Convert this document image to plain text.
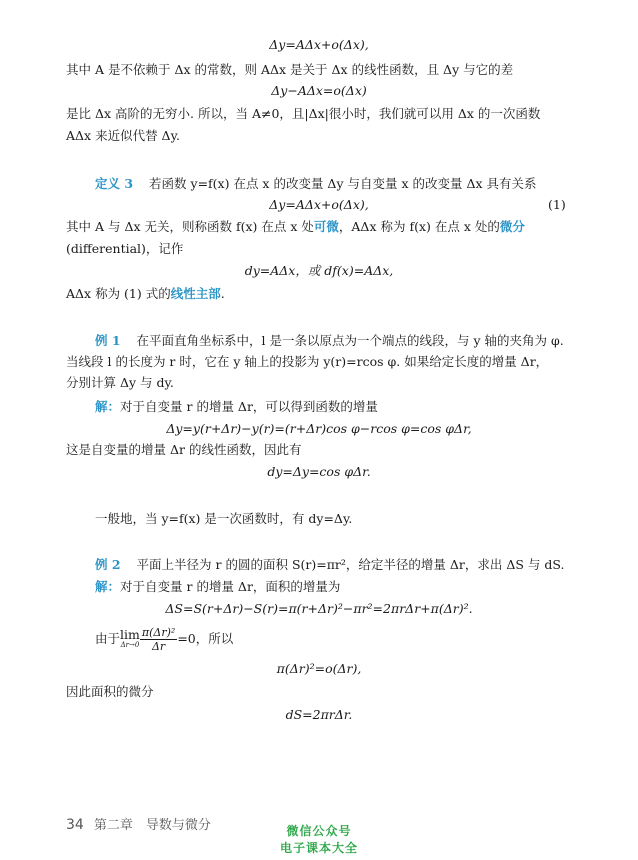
Δy=AΔx+o(Δx),
其中 A 是不依赖于 Δx 的常数，则 AΔx 是关于 Δx 的线性函数，且 Δy 与它的差
Δy−AΔx=o(Δx)
是比 Δx 高阶的无穷小. 所以，当 A≠0，且|Δx|很小时，我们就可以用 Δx 的一次函数
AΔx 来近似代替 Δy.
定义 3 若函数 y=f(x) 在点 x 的改变量 Δy 与自变量 x 的改变量 Δx 具有关系
Δy=AΔx+o(Δx),	(1)
其中 A 与 Δx 无关，则称函数 f(x) 在点 x 处可微，AΔx 称为 f(x) 在点 x 处的微分
(differential)，记作
dy=AΔx，或 df(x)=AΔx,
AΔx 称为 (1) 式的线性主部.
例 1 在平面直角坐标系中，l 是一条以原点为一个端点的线段，与 y 轴的夹角为 φ.
当线段 l 的长度为 r 时，它在 y 轴上的投影为 y(r)=rcos φ. 如果给定长度的增量 Δr，
分别计算 Δy 与 dy.
解：对于自变量 r 的增量 Δr，可以得到函数的增量
Δy=y(r+Δr)−y(r)=(r+Δr)cos φ−rcos φ=cos φΔr,
这是自变量的增量 Δr 的线性函数，因此有
dy=Δy=cos φΔr.
一般地，当 y=f(x) 是一次函数时，有 dy=Δy.
例 2 平面上半径为 r 的圆的面积 S(r)=πr²，给定半径的增量 Δr，求出 ΔS 与 dS.
解：对于自变量 r 的增量 Δr，面积的增量为
ΔS=S(r+Δr)−S(r)=π(r+Δr)²−πr²=2πrΔr+π(Δr)².
由于 lim
$\Delta r\to 0 \frac{\text{π(Δr)²}}{\Delta r} =0$，所以
π(Δr)²=o(Δr),
因此面积的微分
dS=2πrΔr.
34 第二章　导数与微分	微信公众号
电子课本大全
